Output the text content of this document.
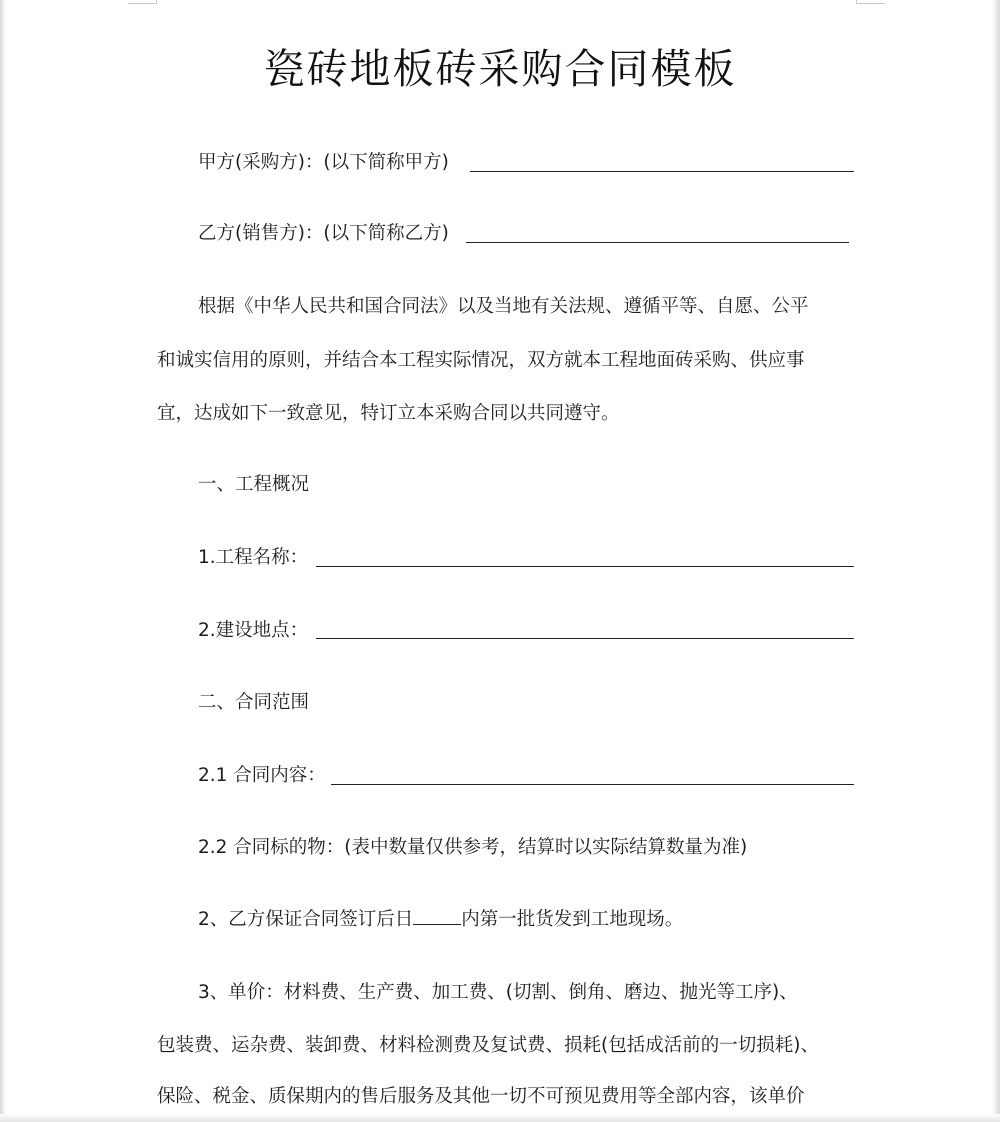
瓷砖地板砖采购合同模板
甲方(采购方)：(以下简称甲方)
乙方(销售方)：(以下简称乙方)
根据《中华人民共和国合同法》以及当地有关法规、遵循平等、自愿、公平
和诚实信用的原则，并结合本工程实际情况，双方就本工程地面砖采购、供应事
宜，达成如下一致意见，特订立本采购合同以共同遵守。
一、工程概况
1.工程名称：
2.建设地点：
二、合同范围
2.1 合同内容：
2.2 合同标的物：(表中数量仅供参考，结算时以实际结算数量为准)
2、乙方保证合同签订后日	内第一批货发到工地现场。
3、单价：材料费、生产费、加工费、(切割、倒角、磨边、抛光等工序)、
包装费、运杂费、装卸费、材料检测费及复试费、损耗(包括成活前的一切损耗)、
保险、税金、质保期内的售后服务及其他一切不可预见费用等全部内容，该单价
